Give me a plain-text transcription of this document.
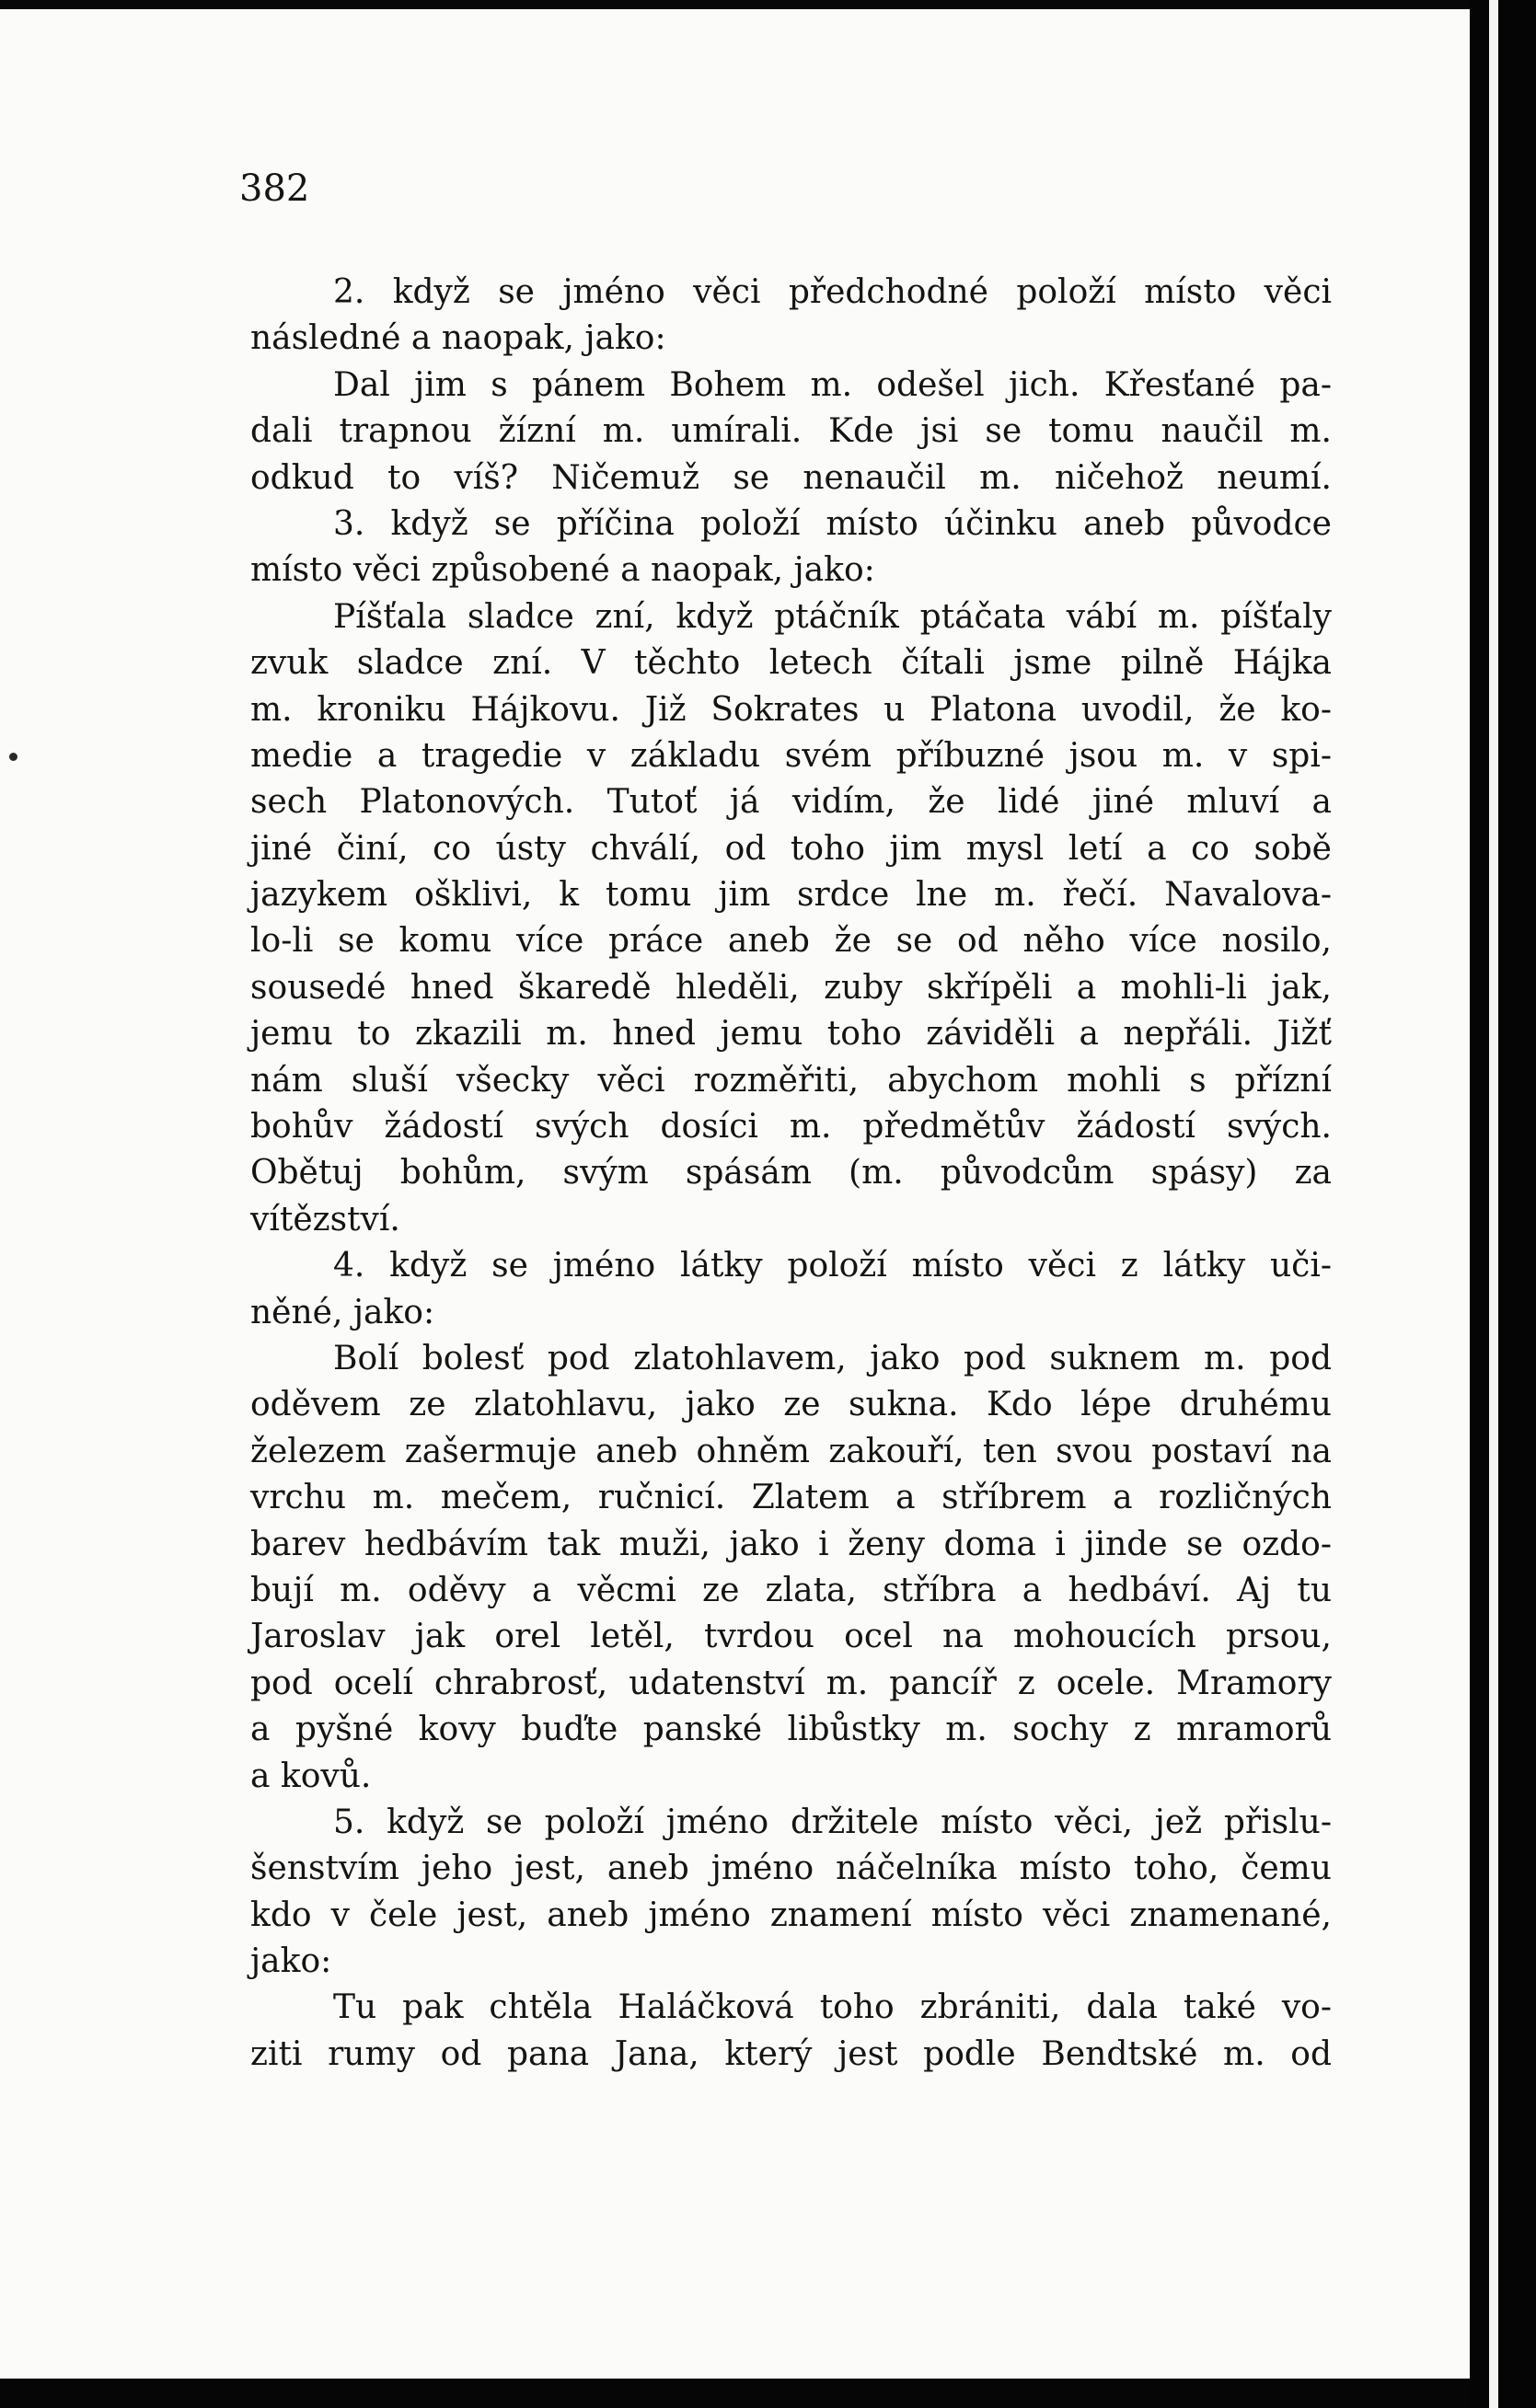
382

2. když se jméno věci předchodné položí místo věci
následné a naopak, jako:
Dal jim s pánem Bohem m. odešel jich. Křesťané pa-
dali trapnou žízní m. umírali. Kde jsi se tomu naučil m.
odkud to víš? Ničemuž se nenaučil m. ničehož neumí.
3. když se příčina položí místo účinku aneb původce
místo věci způsobené a naopak, jako:
Píšťala sladce zní, když ptáčník ptáčata vábí m. píšťaly
zvuk sladce zní. V těchto letech čítali jsme pilně Hájka
m. kroniku Hájkovu. Již Sokrates u Platona uvodil, že ko-
medie a tragedie v základu svém příbuzné jsou m. v spi-
sech Platonových. Tutoť já vidím, že lidé jiné mluví a
jiné činí, co ústy chválí, od toho jim mysl letí a co sobě
jazykem ošklivi, k tomu jim srdce lne m. řečí. Navalova-
lo-li se komu více práce aneb že se od něho více nosilo,
sousedé hned škaredě hleděli, zuby skřípěli a mohli-li jak,
jemu to zkazili m. hned jemu toho záviděli a nepřáli. Jižť
nám sluší všecky věci rozměřiti, abychom mohli s přízní
bohův žádostí svých dosíci m. předmětův žádostí svých.
Obětuj bohům, svým spásám (m. původcům spásy) za
vítězství.
4. když se jméno látky položí místo věci z látky uči-
něné, jako:
Bolí bolesť pod zlatohlavem, jako pod suknem m. pod
oděvem ze zlatohlavu, jako ze sukna. Kdo lépe druhému
železem zašermuje aneb ohněm zakouří, ten svou postaví na
vrchu m. mečem, ručnicí. Zlatem a stříbrem a rozličných
barev hedbávím tak muži, jako i ženy doma i jinde se ozdo-
bují m. oděvy a věcmi ze zlata, stříbra a hedbáví. Aj tu
Jaroslav jak orel letěl, tvrdou ocel na mohoucích prsou,
pod ocelí chrabrosť, udatenství m. pancíř z ocele. Mramory
a pyšné kovy buďte panské libůstky m. sochy z mramorů
a kovů.
5. když se položí jméno držitele místo věci, jež přislu-
šenstvím jeho jest, aneb jméno náčelníka místo toho, čemu
kdo v čele jest, aneb jméno znamení místo věci znamenané,
jako:
Tu pak chtěla Haláčková toho zbrániti, dala také vo-
ziti rumy od pana Jana, který jest podle Bendtské m. od
